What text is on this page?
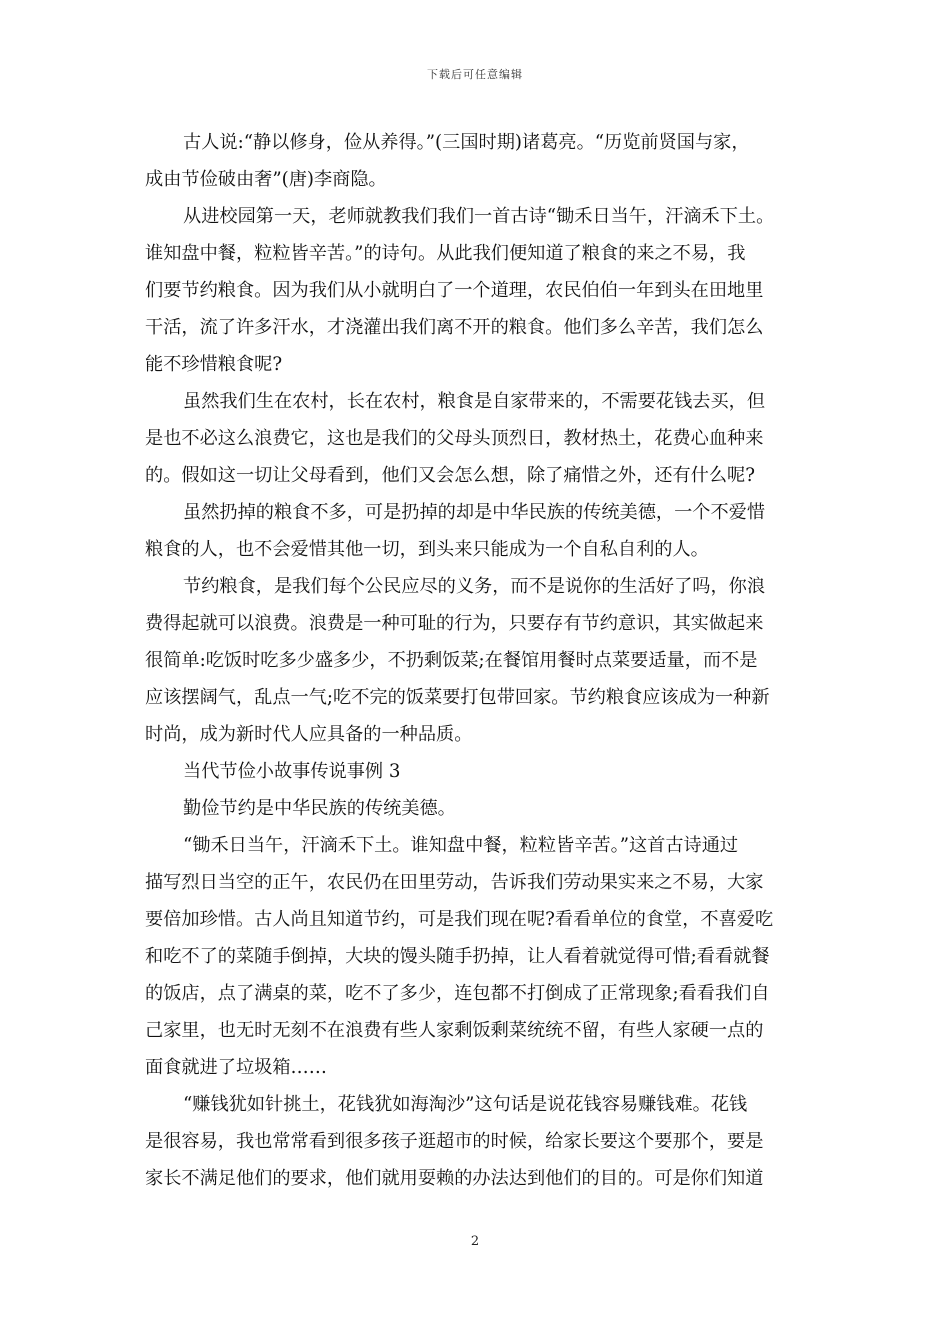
下载后可任意编辑
古人说:“静以修身，俭从养得。”(三国时期)诸葛亮。“历览前贤国与家，
成由节俭破由奢”(唐)李商隐。
从进校园第一天，老师就教我们我们一首古诗“锄禾日当午，汗滴禾下土。
谁知盘中餐，粒粒皆辛苦。”的诗句。从此我们便知道了粮食的来之不易，我
们要节约粮食。因为我们从小就明白了一个道理，农民伯伯一年到头在田地里
干活，流了许多汗水，才浇灌出我们离不开的粮食。他们多么辛苦，我们怎么
能不珍惜粮食呢?
虽然我们生在农村，长在农村，粮食是自家带来的，不需要花钱去买，但
是也不必这么浪费它，这也是我们的父母头顶烈日，教材热土，花费心血种来
的。假如这一切让父母看到，他们又会怎么想，除了痛惜之外，还有什么呢?
虽然扔掉的粮食不多，可是扔掉的却是中华民族的传统美德，一个不爱惜
粮食的人，也不会爱惜其他一切，到头来只能成为一个自私自利的人。
节约粮食，是我们每个公民应尽的义务，而不是说你的生活好了吗，你浪
费得起就可以浪费。浪费是一种可耻的行为，只要存有节约意识，其实做起来
很简单:吃饭时吃多少盛多少，不扔剩饭菜;在餐馆用餐时点菜要适量，而不是
应该摆阔气，乱点一气;吃不完的饭菜要打包带回家。节约粮食应该成为一种新
时尚，成为新时代人应具备的一种品质。
当代节俭小故事传说事例 3
勤俭节约是中华民族的传统美德。
“锄禾日当午，汗滴禾下土。谁知盘中餐，粒粒皆辛苦。”这首古诗通过
描写烈日当空的正午，农民仍在田里劳动，告诉我们劳动果实来之不易，大家
要倍加珍惜。古人尚且知道节约，可是我们现在呢?看看单位的食堂，不喜爱吃
和吃不了的菜随手倒掉，大块的馒头随手扔掉，让人看着就觉得可惜;看看就餐
的饭店，点了满桌的菜，吃不了多少，连包都不打倒成了正常现象;看看我们自
己家里，也无时无刻不在浪费有些人家剩饭剩菜统统不留，有些人家硬一点的
面食就进了垃圾箱……
“赚钱犹如针挑土，花钱犹如海淘沙”这句话是说花钱容易赚钱难。花钱
是很容易，我也常常看到很多孩子逛超市的时候，给家长要这个要那个，要是
家长不满足他们的要求，他们就用耍赖的办法达到他们的目的。可是你们知道
2
